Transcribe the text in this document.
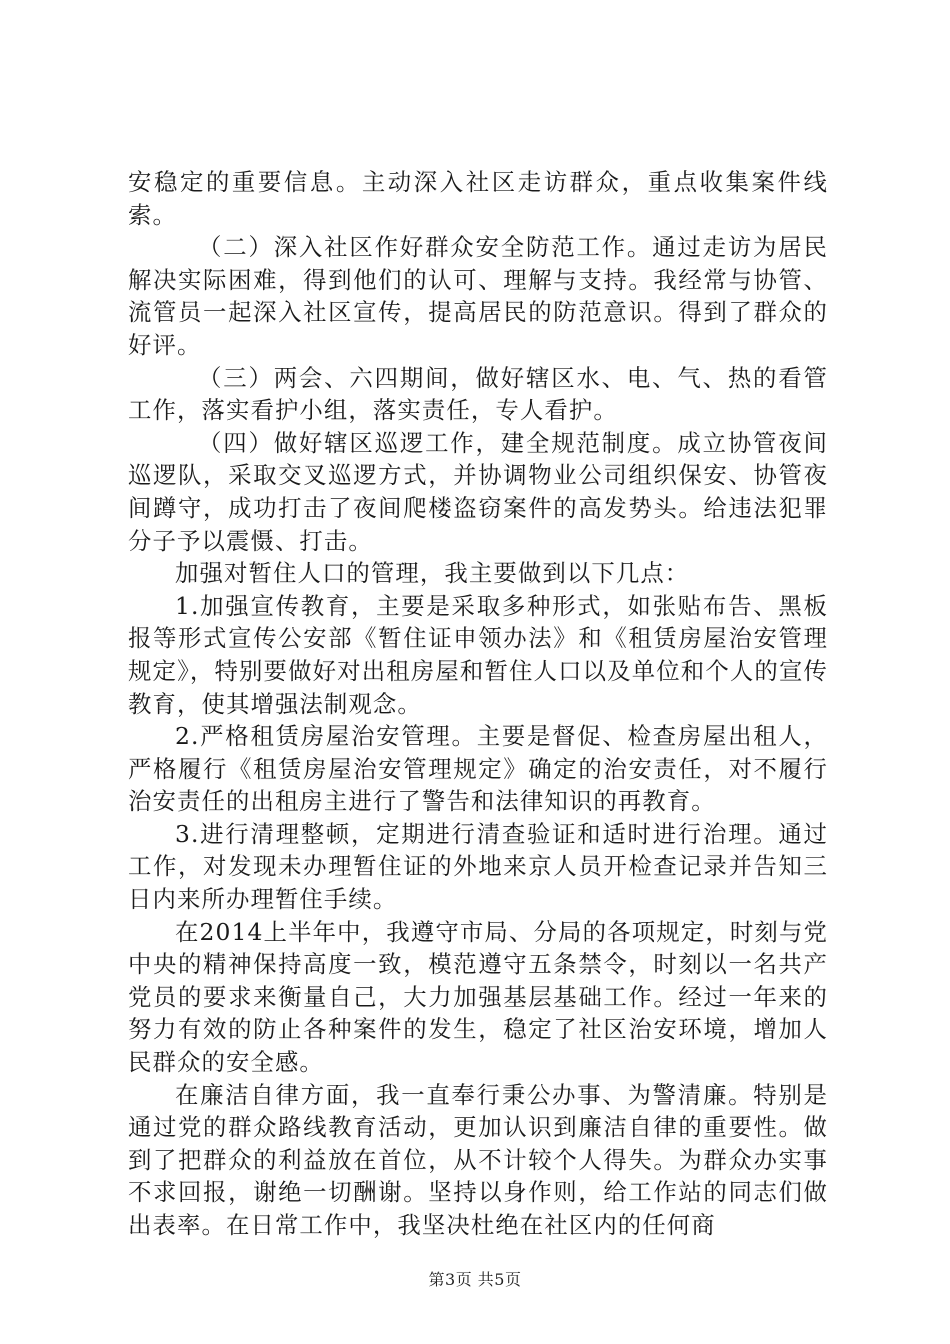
安稳定的重要信息。主动深入社区走访群众，重点收集案件线索。

（二）深入社区作好群众安全防范工作。通过走访为居民解决实际困难，得到他们的认可、理解与支持。我经常与协管、流管员一起深入社区宣传，提高居民的防范意识。得到了群众的好评。

（三）两会、六四期间，做好辖区水、电、气、热的看管工作，落实看护小组，落实责任，专人看护。

（四）做好辖区巡逻工作，建全规范制度。成立协管夜间巡逻队，采取交叉巡逻方式，并协调物业公司组织保安、协管夜间蹲守，成功打击了夜间爬楼盗窃案件的高发势头。给违法犯罪分子予以震慑、打击。

加强对暂住人口的管理，我主要做到以下几点：

1.加强宣传教育，主要是采取多种形式，如张贴布告、黑板报等形式宣传公安部《暂住证申领办法》和《租赁房屋治安管理规定》，特别要做好对出租房屋和暂住人口以及单位和个人的宣传教育，使其增强法制观念。

2.严格租赁房屋治安管理。主要是督促、检查房屋出租人，严格履行《租赁房屋治安管理规定》确定的治安责任，对不履行治安责任的出租房主进行了警告和法律知识的再教育。

3.进行清理整顿，定期进行清查验证和适时进行治理。通过工作，对发现未办理暂住证的外地来京人员开检查记录并告知三日内来所办理暂住手续。

在2014上半年中，我遵守市局、分局的各项规定，时刻与党中央的精神保持高度一致，模范遵守五条禁令，时刻以一名共产党员的要求来衡量自己，大力加强基层基础工作。经过一年来的努力有效的防止各种案件的发生，稳定了社区治安环境，增加人民群众的安全感。

在廉洁自律方面，我一直奉行秉公办事、为警清廉。特别是通过党的群众路线教育活动，更加认识到廉洁自律的重要性。做到了把群众的利益放在首位，从不计较个人得失。为群众办实事不求回报，谢绝一切酬谢。坚持以身作则，给工作站的同志们做出表率。在日常工作中，我坚决杜绝在社区内的任何商

第3页 共5页
